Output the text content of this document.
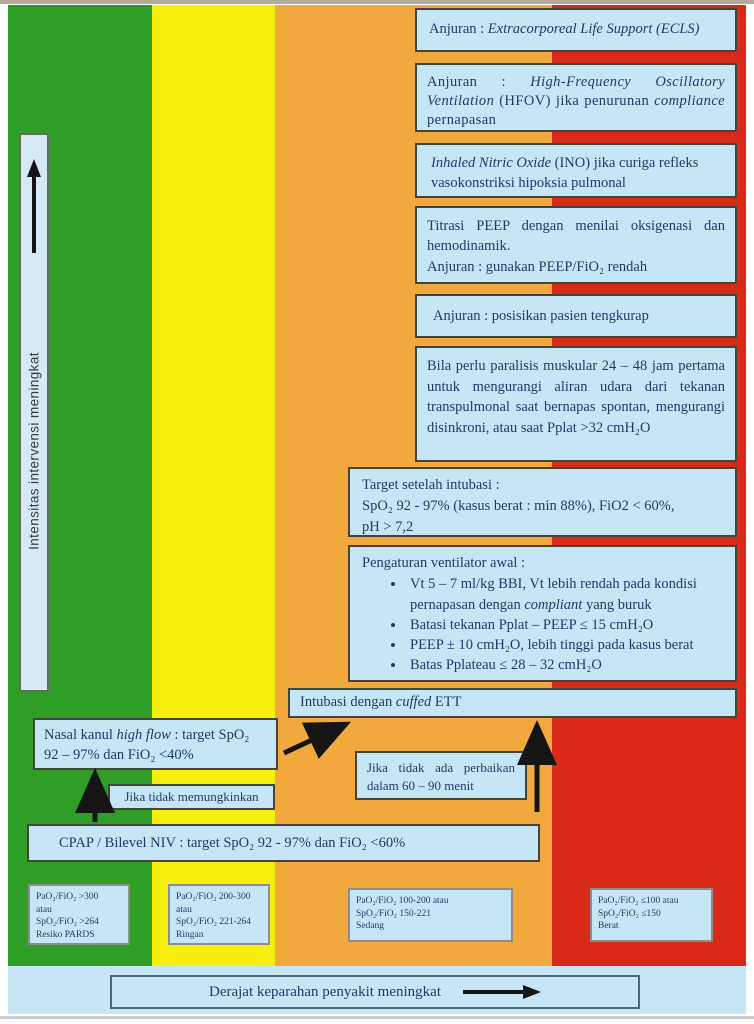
Intensitas intervensi meningkat

Anjuran : Extracorporeal Life Support (ECLS)

Anjuran : High-Frequency Oscillatory Ventilation (HFOV) jika penurunan compliance pernapasan

Inhaled Nitric Oxide (INO) jika curiga refleks vasokonstriksi hipoksia pulmonal

Titrasi PEEP dengan menilai oksigenasi dan hemodinamik.
Anjuran : gunakan PEEP/FiO₂ rendah

Anjuran : posisikan pasien tengkurap

Bila perlu paralisis muskular 24 – 48 jam pertama untuk mengurangi aliran udara dari tekanan transpulmonal saat bernapas spontan, mengurangi disinkroni, atau saat Pplat >32 cmH₂O

Target setelah intubasi :
SpO₂ 92 - 97% (kasus berat : min 88%), FiO2 < 60%,
pH > 7,2

Pengaturan ventilator awal :

• Vt 5 – 7 ml/kg BBI, Vt lebih rendah pada kondisi pernapasan dengan compliant yang buruk
• Batasi tekanan Pplat – PEEP ≤ 15 cmH₂O
• PEEP ± 10 cmH₂O, lebih tinggi pada kasus berat
• Batas Pplateau ≤ 28 – 32 cmH₂O

Intubasi dengan cuffed ETT

Nasal kanul high flow : target SpO₂ 92 – 97% dan FiO₂ <40%

Jika tidak memungkinkan

Jika tidak ada perbaikan dalam 60 – 90 menit

CPAP / Bilevel NIV : target SpO₂ 92 - 97% dan FiO₂ <60%

PaO₂/FiO₂ >300
atau
SpO₂/FiO₂ >264
Resiko PARDS
PaO₂/FiO₂ 200-300
atau
SpO₂/FiO₂ 221-264
Ringan
PaO₂/FiO₂ 100-200 atau
SpO₂/FiO₂ 150-221
Sedang
PaO₂/FiO₂ ≤100 atau
SpO₂/FiO₂ ≤150
Berat
Derajat keparahan penyakit meningkat
